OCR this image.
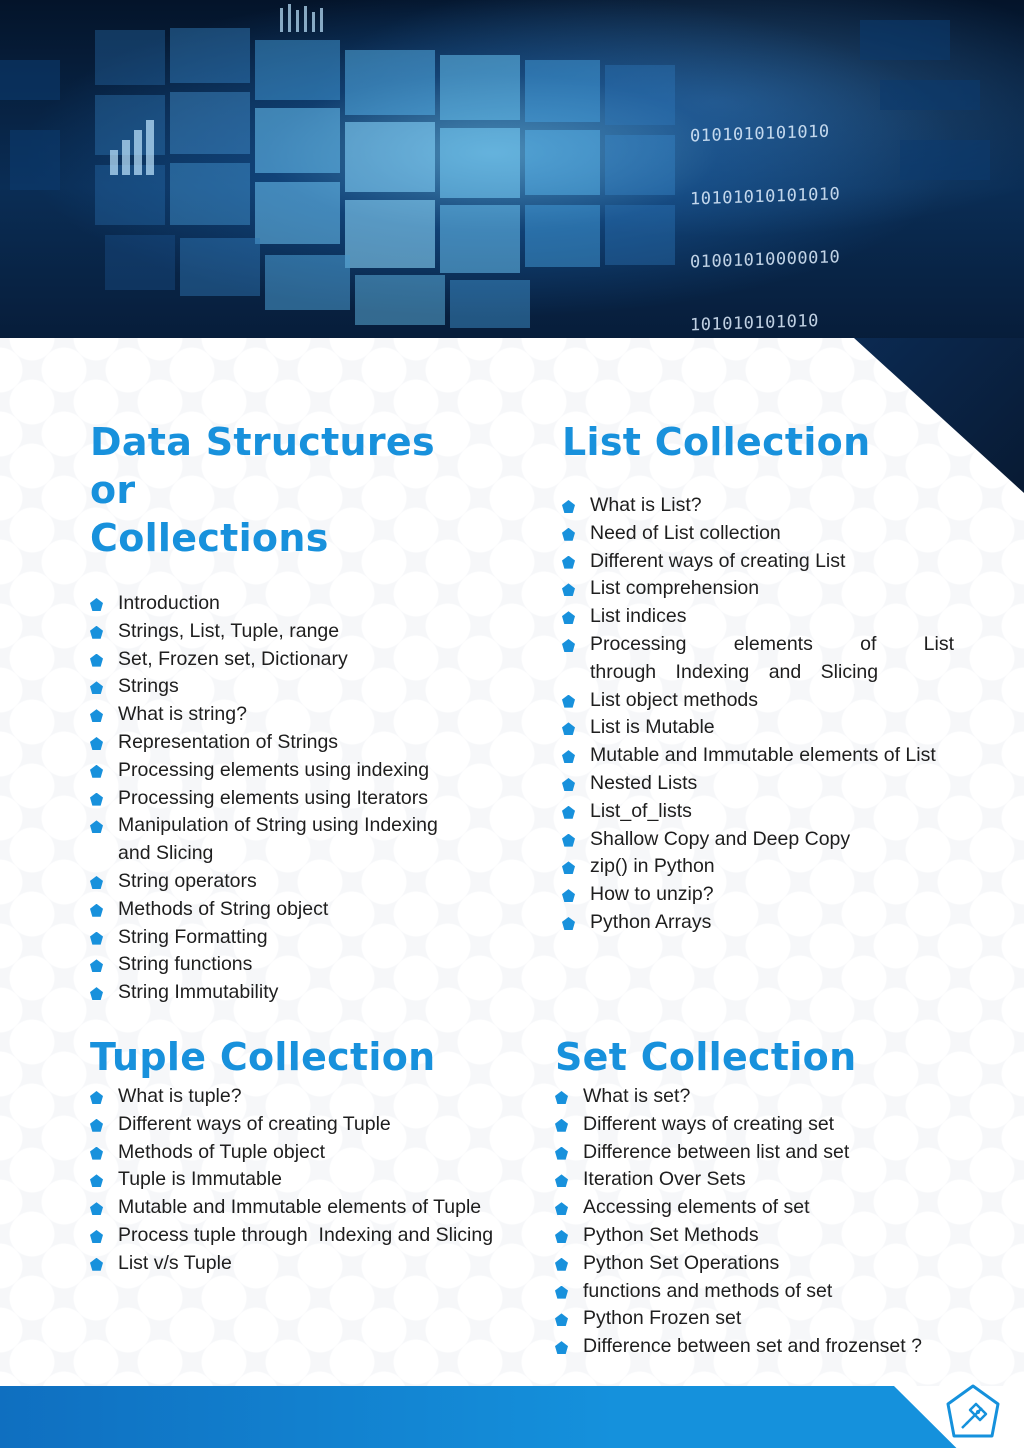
0101010101010

10101010101010

01001010000010

101010101010

Data Structures or
Collections
Introduction
Strings, List, Tuple, range
Set, Frozen set, Dictionary
Strings
What is string?
Representation of Strings
Processing elements using indexing
Processing elements using Iterators
Manipulation of String using Indexing and Slicing
String operators
Methods of String object
String Formatting
String functions
String Immutability
List Collection
What is List?
Need of List collection
Different ways of creating List
List comprehension
List indices
Processing elements of List through Indexing and Slicing
List object methods
List is Mutable
Mutable and Immutable elements of List
Nested Lists
List_of_lists
Shallow Copy and Deep Copy
zip() in Python
How to unzip?
Python Arrays
Tuple Collection
What is tuple?
Different ways of creating Tuple
Methods of Tuple object
Tuple is Immutable
Mutable and Immutable elements of Tuple
Process tuple through  Indexing and Slicing
List v/s Tuple
Set Collection
What is set?
Different ways of creating set
Difference between list and set
Iteration Over Sets
Accessing elements of set
Python Set Methods
Python Set Operations
functions and methods of set
Python Frozen set
Difference between set and frozenset ?
